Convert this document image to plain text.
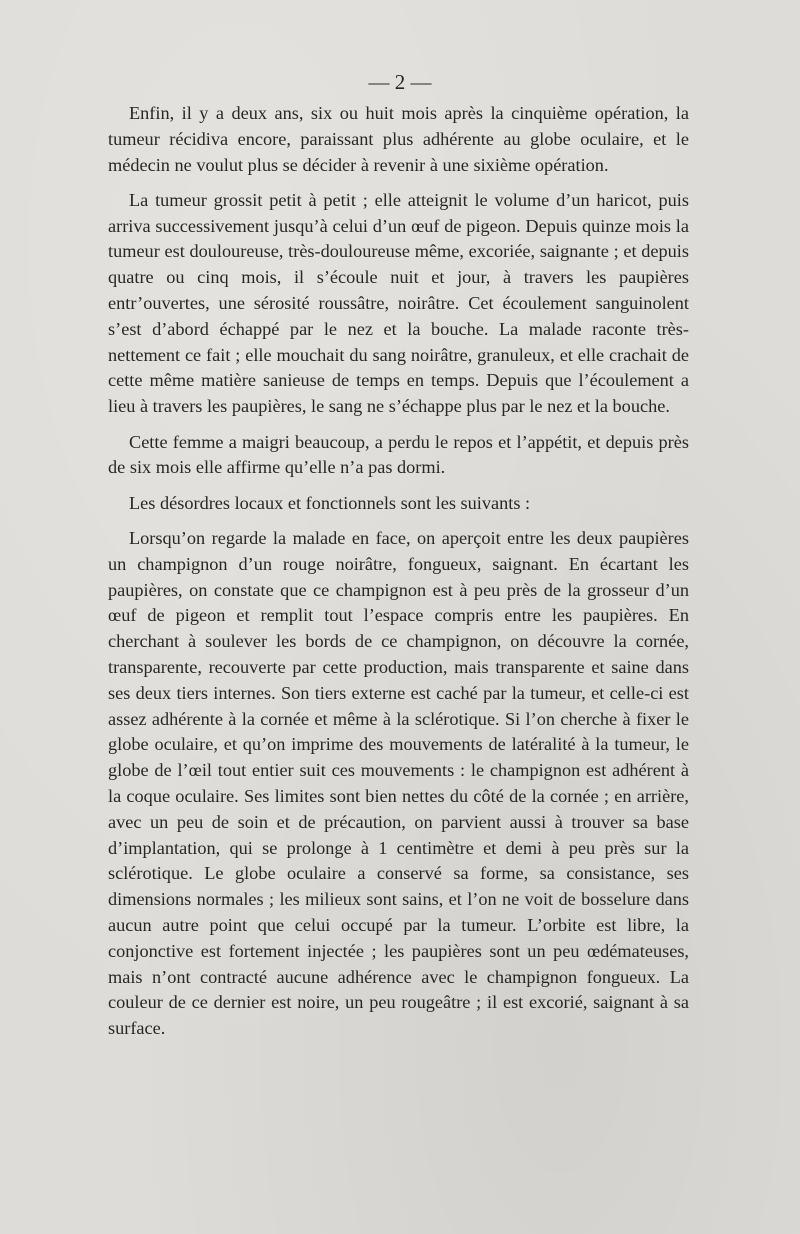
— 2 —

Enfin, il y a deux ans, six ou huit mois après la cinquième opération, la tumeur récidiva encore, paraissant plus adhérente au globe oculaire, et le médecin ne voulut plus se décider à revenir à une sixième opération.

La tumeur grossit petit à petit ; elle atteignit le volume d’un haricot, puis arriva successivement jusqu’à celui d’un œuf de pigeon. Depuis quinze mois la tumeur est douloureuse, très-douloureuse même, excoriée, saignante ; et depuis quatre ou cinq mois, il s’écoule nuit et jour, à travers les paupières entr’ouvertes, une sérosité roussâtre, noirâtre. Cet écoulement sanguinolent s’est d’abord échappé par le nez et la bouche. La malade raconte très-nettement ce fait ; elle mouchait du sang noirâtre, granuleux, et elle crachait de cette même matière sanieuse de temps en temps. Depuis que l’écoulement a lieu à travers les paupières, le sang ne s’échappe plus par le nez et la bouche.

Cette femme a maigri beaucoup, a perdu le repos et l’appétit, et depuis près de six mois elle affirme qu’elle n’a pas dormi.

Les désordres locaux et fonctionnels sont les suivants :

Lorsqu’on regarde la malade en face, on aperçoit entre les deux paupières un champignon d’un rouge noirâtre, fongueux, saignant. En écartant les paupières, on constate que ce champignon est à peu près de la grosseur d’un œuf de pigeon et remplit tout l’espace compris entre les paupières. En cherchant à soulever les bords de ce champignon, on découvre la cornée, transparente, recouverte par cette production, mais transparente et saine dans ses deux tiers internes. Son tiers externe est caché par la tumeur, et celle-ci est assez adhérente à la cornée et même à la sclérotique. Si l’on cherche à fixer le globe oculaire, et qu’on imprime des mouvements de latéralité à la tumeur, le globe de l’œil tout entier suit ces mouvements : le champignon est adhérent à la coque oculaire. Ses limites sont bien nettes du côté de la cornée ; en arrière, avec un peu de soin et de précaution, on parvient aussi à trouver sa base d’implantation, qui se prolonge à 1 centimètre et demi à peu près sur la sclérotique. Le globe oculaire a conservé sa forme, sa consistance, ses dimensions normales ; les milieux sont sains, et l’on ne voit de bosselure dans aucun autre point que celui occupé par la tumeur. L’orbite est libre, la conjonctive est fortement injectée ; les paupières sont un peu œdémateuses, mais n’ont contracté aucune adhérence avec le champignon fongueux. La couleur de ce dernier est noire, un peu rougeâtre ; il est excorié, saignant à sa surface.
